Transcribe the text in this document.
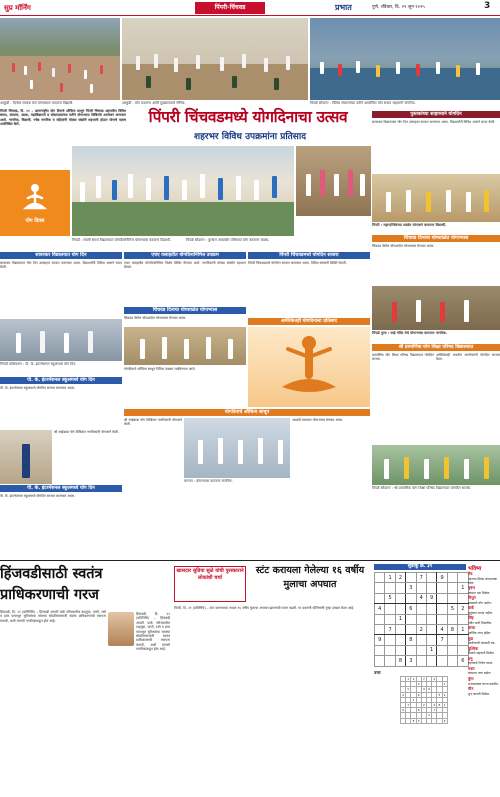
सुप्र मॉर्निंग	पिंपरी-चिंचवड	प्रभात	पुणे, रविवार, दि. २२ जून २०२५	3
आकुर्डी : दिगंबर स्मारक येथे योगाभ्यास करताना विद्यार्थी.	आकुर्डी : योग करताना आर्मी मुख्यालयाचे सैनिक.	पिंपळे सौदागर : विविध संघटनांच्या वतीने आयोजित योग सत्रात सहभागी नागरिक.
पिंपरी चिंचवड, दि. २१ – आंतरराष्ट्रीय योग दिनाचे औचित्य साधून पिंपरी चिंचवड शहरातील विविध संस्था, संघटना, शाळा, महाविद्यालये व सोसायट्यांच्या वतीने योगाभ्यास शिबिरांचे आयोजन करण्यात आले. नागरिक, विद्यार्थी, ज्येष्ठ नागरिक व महिलांनी मोठ्या संख्येने सहभागी होऊन योगाचे महत्त्व अधोरेखित केले.	पिंपरी चिंचवडमध्ये योगदिनाचा उत्सव
शहरभर विविध उपक्रमांना प्रतिसाद
पुस्तकांच्या साहाय्याने योगदिन
सावरकर विद्यालयात योग दिन उत्साहात साजरा करण्यात आला. विद्यार्थ्यांनी विविध आसने सादर केली.
योग दिवस
पिंपरी : महापालिकेच्या शाळेत योगासने करताना विद्यार्थी.
निगडी : स्वामी समर्थ विद्यालयात योगदिनानिमित्त योगाभ्यास करताना विद्यार्थी.	पिंपळे सौदागर : कुणाल आयकॉन परिसरात योग करताना सदस्य.
सावरकर विद्यालयात योग दिन	एचए वसाहतीत योगदिनानिमित्त उपक्रम	पिंपरी चिंचवडमध्ये योगदिन साजरा
सावरकर विद्यालयात योग दिन उत्साहात साजरा करण्यात आला. विद्यार्थ्यांनी विविध आसने सादर केली.
एचए वसाहतीत योगदिनानिमित्त विशेष शिबिर घेण्यात आले. नागरिकांनी मोठ्या संख्येने सहभाग घेतला.
पिंपरी चिंचवडमध्ये योगदिन साजरा करण्यात आला. विविध संस्थांनी शिबिरे घेतली.
चिंचवड दिनाचा योगशाळेत योगाभ्यास
चिंचवड येथील योगशाळेत योगाभ्यास घेण्यात आला.
पिंपळे गुरव : साई मंदिर येथे योगाभ्यास करताना नागरिक.
चिंचवड दिनाचा योगशाळेत योगाभ्यास
चिंचवड येथील योगशाळेत योगाभ्यास घेण्यात आला.
अमेरिकेतही योगदिनाला प्रतिसाद
निगडी प्राधिकरण : पी. के. इंटरनॅशनल स्कूलमध्ये योग दिन.
पी. के. इंटरनॅशनल स्कूलमध्ये योग दिन
पी. के. इंटरनॅशनल स्कूलमध्ये योगदिन साजरा करण्यात आला.
योगदिनाचे औचित्य साधून विविध उपक्रम राबविण्यात आले.
योगदिनाचे औचित्य साधून
श्री साईबाबा योग शिबिरात नागरिकांनी योगासने केली.
श्री साईबाबा योग शिबिरात नागरिकांनी योगासने केली.
आळंदी रस्त्यावर योगाभ्यास घेण्यात आला.
थेरगाव : योगाभ्यास करताना नागरिक.
पी. के. इंटरनॅशनल स्कूलमध्ये योग दिन
श्री प्रामाणिक योग शिक्षा परिषद विद्यालयात
प्रामाणिक योग शिक्षा परिषद विद्यालयात योगदिन साजरा.
अमेरिकेतही भारतीय नागरिकांनी योगदिन साजरा केला.
पिंपळे सौदागर : श्री प्रामाणिक योग शिक्षा परिषद विद्यालयात योगदिन साजरा.
पी. के. इंटरनॅशनल स्कूलमध्ये योगदिन साजरा करण्यात आला.
हिंजवडीसाठी स्वतंत्र प्राधिकरणाची गरज
हिंजवडी, दि. २१ (प्रतिनिधि) – हिंजवडी आयटी पार्क परिसरातील वाहतूक, पाणी, रस्ते व इतर पायाभूत सुविधांच्या समस्या सोडविण्यासाठी स्वतंत्र प्राधिकरणाची स्थापना करावी, अशी मागणी नागरिकांकडून होत आहे.
हिंजवडी, दि. २१ (प्रतिनिधि) – हिंजवडी आयटी पार्क परिसरातील वाहतूक, पाणी, रस्ते व इतर पायाभूत सुविधांच्या समस्या सोडविण्यासाठी स्वतंत्र प्राधिकरणाची स्थापना करावी, अशी मागणी नागरिकांकडून होत आहे.
खासदार सुप्रिया सुळे यांची पुरस्काराने लोकांशी चर्चा
स्टंट करायला गेलेल्या १६ वर्षीय मुलाचा अपघात
पिंपरी, दि. २१ (प्रतिनिधि) – स्टंट करण्याच्या नादात १६ वर्षीय मुलाचा अपघात झाल्याची घटना घडली. या प्रकरणी पोलिसांनी गुन्हा दाखल केला आहे.
सुडोकू क्र. ३१
	1	2		7		9		
			3					1
	5			4	9			
4			6				5	2
		1						
	7			2		4	8	1
9			8			7		
					1			
		8	3					6
उत्तर
	1	2		7		9		
			3					1
	5			4	9			
4			6				5	2
		1						
	7			2		4	8	1
9			8			7		
					1			
		8	3					6
भविष्य
मेष
आजचा दिवस लाभदायक ठरेल.
वृषभ
कामात यश मिळेल.
मिथुन
प्रवासाचे योग आहेत.
कर्क
कुटुंबात आनंद राहील.
सिंह
नवीन संधी मिळतील.
कन्या
आर्थिक लाभ होईल.
तुळ
आरोग्याची काळजी घ्या.
वृश्चिक
मित्रांचे सहकार्य मिळेल.
धनु
महत्त्वाचे निर्णय घ्याल.
मकर
कामाचा ताण वाढेल.
कुंभ
मनासारख्या घटना घडतील.
मीन
शुभ बातमी मिळेल.
